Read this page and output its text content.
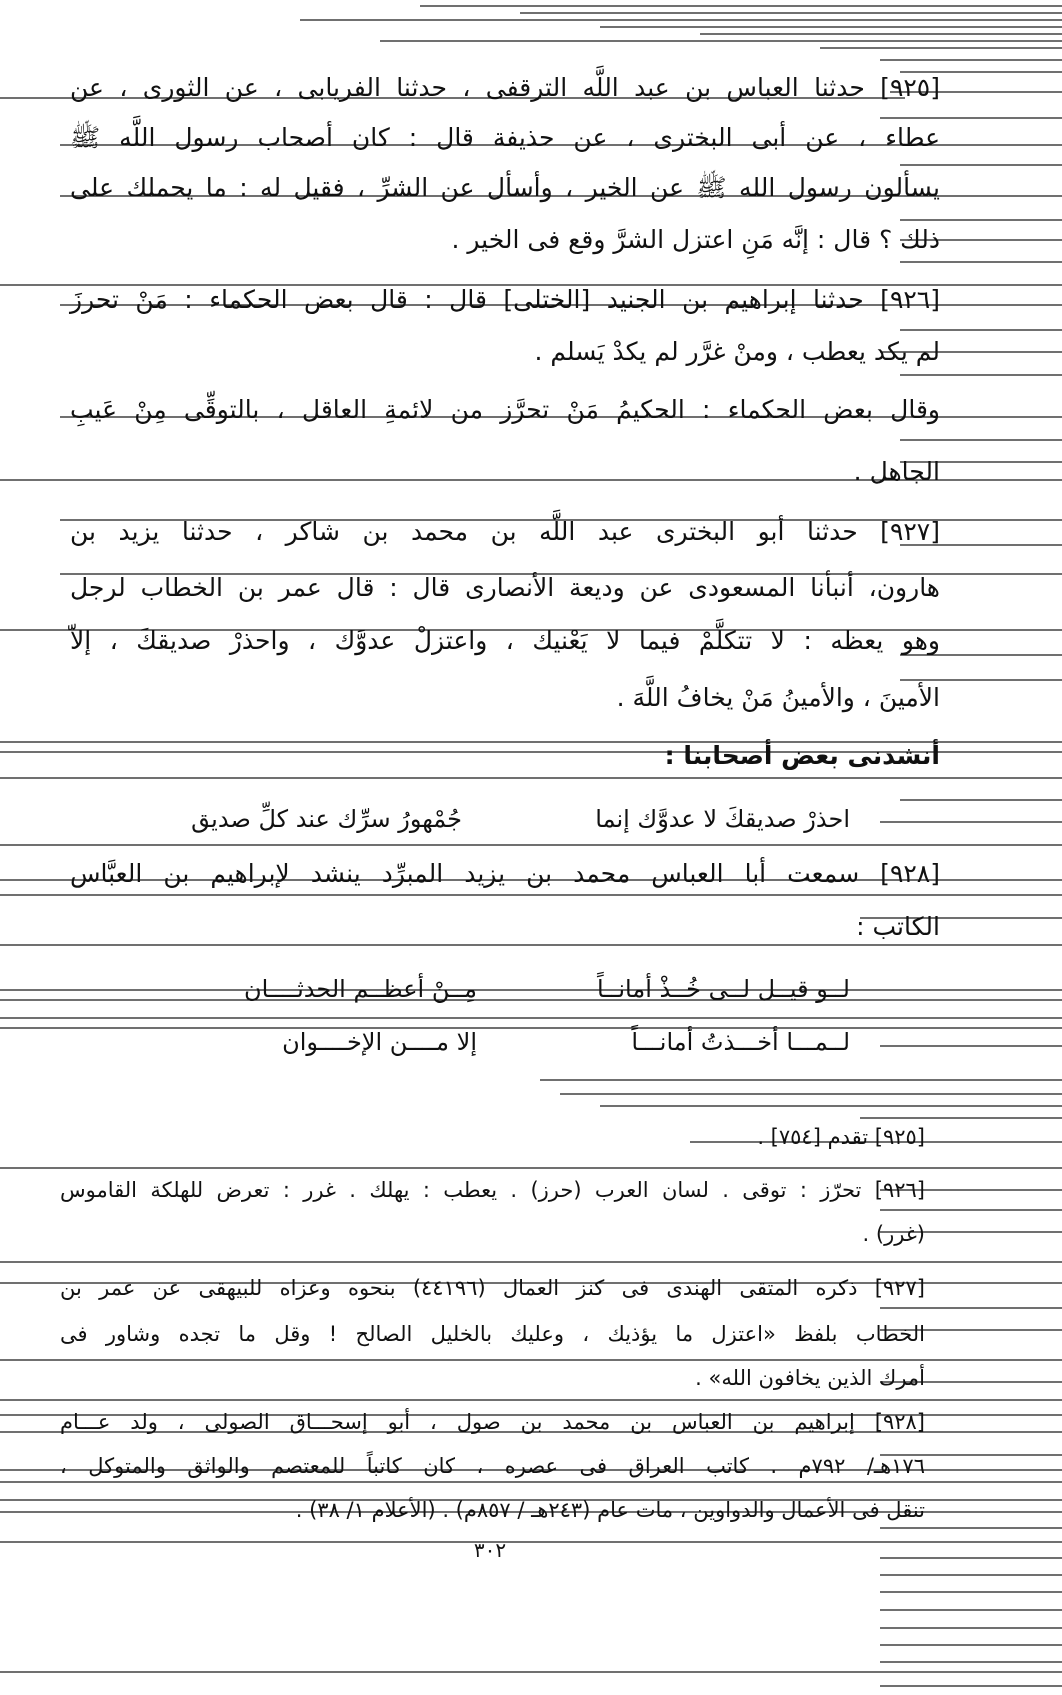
[٩٢٥] حدثنا العباس بن عبد اللَّه الترقفى ، حدثنا الفريابى ، عن الثورى ، عن
عطاء ، عن أبى البخترى ، عن حذيفة قال : كان أصحاب رسول اللَّه ﷺ
يسألون رسول الله ﷺ عن الخير ، وأسأل عن الشرِّ ، فقيل له : ما يحملك على
ذلك ؟ قال : إنَّه مَنِ اعتزل الشرَّ وقع فى الخير .
[٩٢٦] حدثنا إبراهيم بن الجنيد [الختلى] قال : قال بعض الحكماء : مَنْ تحرزَ
لم يكد يعطب ، ومنْ غرَّر لم يكدْ يَسلم .
وقال بعض الحكماء : الحكيمُ مَنْ تحرَّز من لائمةِ العاقل ، بالتوقِّى مِنْ عَيبِ
الجاهل .
[٩٢٧] حدثنا أبو البخترى عبد اللَّه بن محمد بن شاكر ، حدثنا يزيد بن
هارون، أنبأنا المسعودى عن وديعة الأنصارى قال : قال عمر بن الخطاب لرجل
وهو يعظه : لا تتكلَّمْ فيما لا يَعْنيك ، واعتزلْ عدوَّك ، واحذرْ صديقكَ ، إلاّ
الأمينَ ، والأمينُ مَنْ يخافُ اللَّهَ .
أنشدنى بعض أصحابنا :
[٩٢٨] سمعت أبا العباس محمد بن يزيد المبرِّد ينشد لإبراهيم بن العبَّاس
الكاتب :
احذرْ صديقكَ لا عدوَّك إنما
جُمْهورُ سرِّك عند كلِّ صديق
لــو قيــل لــى خُــذْ أمانــاً
مِــنْ أعظــم الحدثــــان
لــمـــا أخـــذتُ أمانـــاً
إلا مــــن الإخــــوان
[٩٢٥] تقدم [٧٥٤] .
[٩٢٦] تحرّز : توقى . لسان العرب (حرز) . يعطب : يهلك . غرر : تعرض للهلكة القاموس
(غرر) .
[٩٢٧] ذكره المتقى الهندى فى كنز العمال (٤٤١٩٦) بنحوه وعزاه للبيهقى عن عمر بن
الخطاب بلفظ «اعتزل ما يؤذيك ، وعليك بالخليل الصالح ! وقل ما تجده وشاور فى
أمرك الذين يخافون الله» .
[٩٢٨] إبراهيم بن العباس بن محمد بن صول ، أبو إسحـــاق الصولى ، ولد عـــام
١٧٦هـ/ ٧٩٢م . كاتب العراق فى عصره ، كان كاتباً للمعتصم والواثق والمتوكل ،
تنقل فى الأعمال والدواوين ، مات عام (٢٤٣هـ / ٨٥٧م) . (الأعلام ١/ ٣٨) .
٣٠٢
